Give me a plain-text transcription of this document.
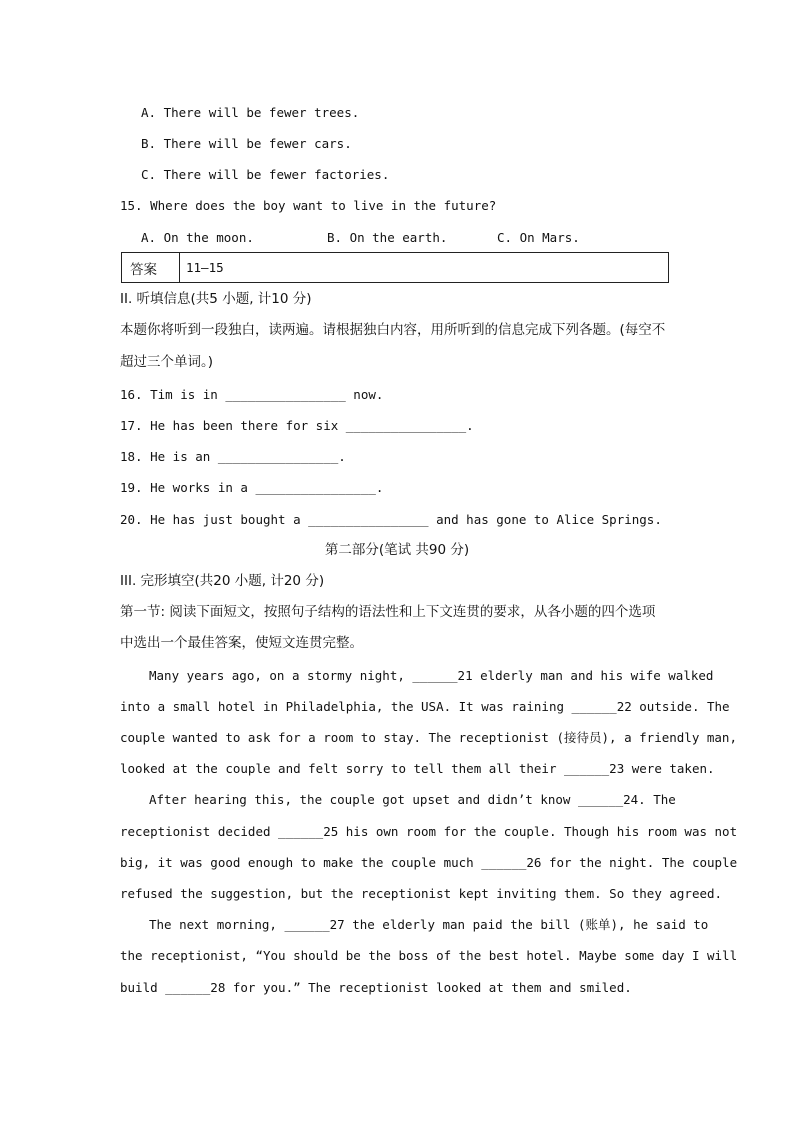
A. There will be fewer trees.
B. There will be fewer cars.
C. There will be fewer factories.
15. Where does the boy want to live in the future?
A. On the moon.	B. On the earth.	C. On Mars.
答案	11—15
II. 听填信息(共5 小题, 计10 分)
本题你将听到一段独白，读两遍。请根据独白内容，用所听到的信息完成下列各题。(每空不
超过三个单词。)
16. Tim is in ________________ now.
17. He has been there for six ________________.
18. He is an ________________.
19. He works in a ________________.
20. He has just bought a ________________ and has gone to Alice Springs.
第二部分(笔试 共90 分)
III. 完形填空(共20 小题, 计20 分)
第一节: 阅读下面短文，按照句子结构的语法性和上下文连贯的要求，从各小题的四个选项
中选出一个最佳答案，使短文连贯完整。
Many years ago, on a stormy night, ______21 elderly man and his wife walked
into a small hotel in Philadelphia, the USA. It was raining ______22 outside. The
couple wanted to ask for a room to stay. The receptionist (接待员), a friendly man,
looked at the couple and felt sorry to tell them all their ______23 were taken.
After hearing this, the couple got upset and didn’t know ______24. The
receptionist decided ______25 his own room for the couple. Though his room was not
big, it was good enough to make the couple much ______26 for the night. The couple
refused the suggestion, but the receptionist kept inviting them. So they agreed.
The next morning, ______27 the elderly man paid the bill (账单), he said to
the receptionist, “You should be the boss of the best hotel. Maybe some day I will
build ______28 for you.” The receptionist looked at them and smiled.
